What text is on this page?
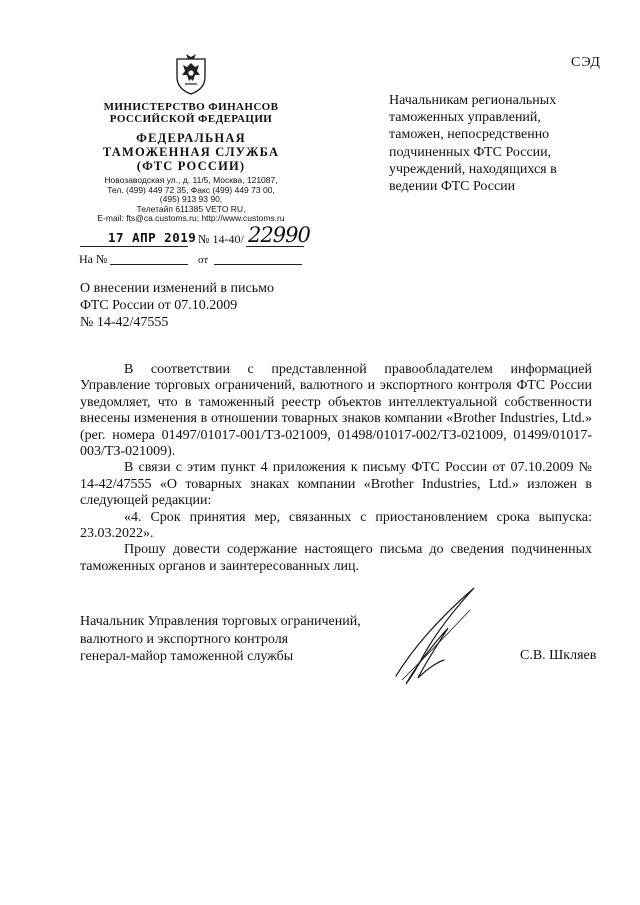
СЭД
МИНИСТЕРСТВО ФИНАНСОВ
РОССИЙСКОЙ ФЕДЕРАЦИИ
ФЕДЕРАЛЬНАЯ
ТАМОЖЕННАЯ СЛУЖБА
(ФТС РОССИИ)
Новозаводская ул., д. 11/5, Москва, 121087,
Тел. (499) 449 72 35, Факс (499) 449 73 00,
(495) 913 93 90,
Телетайп 611385 VETO RU,
E-mail: fts@ca.customs.ru; http://www.customs.ru
17 АПР 2019 № 14-40/ 22990
На №	от
Начальникам региональных
таможенных управлений,
таможен, непосредственно
подчиненных ФТС России,
учреждений, находящихся в
ведении ФТС России
О внесении изменений в письмо
ФТС России от 07.10.2009
№ 14-42/47555

В соответствии с представленной правообладателем информацией Управление торговых ограничений, валютного и экспортного контроля ФТС России уведомляет, что в таможенный реестр объектов интеллектуальной собственности внесены изменения в отношении товарных знаков компании «Brother Industries, Ltd.» (рег. номера 01497/01017-001/ТЗ-021009, 01498/01017-002/ТЗ-021009, 01499/01017-003/ТЗ-021009).

В связи с этим пункт 4 приложения к письму ФТС России от 07.10.2009 № 14-42/47555 «О товарных знаках компании «Brother Industries, Ltd.» изложен в следующей редакции:

«4. Срок принятия мер, связанных с приостановлением срока выпуска: 23.03.2022».

Прошу довести содержание настоящего письма до сведения подчиненных таможенных органов и заинтересованных лиц.

Начальник Управления торговых ограничений,
валютного и экспортного контроля
генерал-майор таможенной службы	С.В. Шкляев
